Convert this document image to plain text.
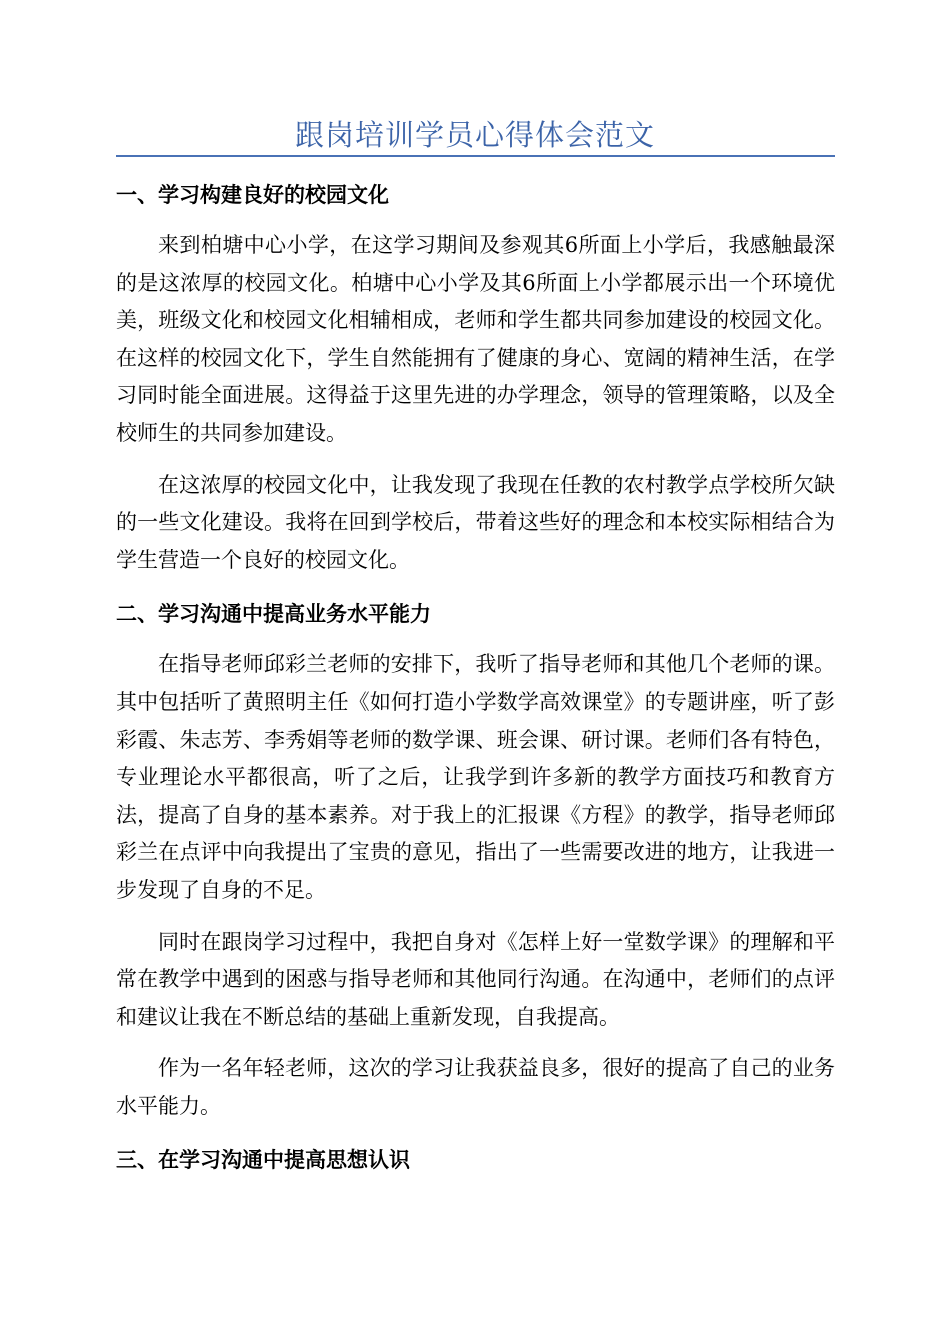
跟岗培训学员心得体会范文
一、学习构建良好的校园文化

来到柏塘中心小学，在这学习期间及参观其6所面上小学后，我感触最深的是这浓厚的校园文化。柏塘中心小学及其6所面上小学都展示出一个环境优美，班级文化和校园文化相辅相成，老师和学生都共同参加建设的校园文化。在这样的校园文化下，学生自然能拥有了健康的身心、宽阔的精神生活，在学习同时能全面进展。这得益于这里先进的办学理念，领导的管理策略，以及全校师生的共同参加建设。

在这浓厚的校园文化中，让我发现了我现在任教的农村教学点学校所欠缺的一些文化建设。我将在回到学校后，带着这些好的理念和本校实际相结合为学生营造一个良好的校园文化。

二、学习沟通中提高业务水平能力

在指导老师邱彩兰老师的安排下，我听了指导老师和其他几个老师的课。其中包括听了黄照明主任《如何打造小学数学高效课堂》的专题讲座，听了彭彩霞、朱志芳、李秀娟等老师的数学课、班会课、研讨课。老师们各有特色，专业理论水平都很高，听了之后，让我学到许多新的教学方面技巧和教育方法，提高了自身的基本素养。对于我上的汇报课《方程》的教学，指导老师邱彩兰在点评中向我提出了宝贵的意见，指出了一些需要改进的地方，让我进一步发现了自身的不足。

同时在跟岗学习过程中，我把自身对《怎样上好一堂数学课》的理解和平常在教学中遇到的困惑与指导老师和其他同行沟通。在沟通中，老师们的点评和建议让我在不断总结的基础上重新发现，自我提高。

作为一名年轻老师，这次的学习让我获益良多，很好的提高了自己的业务水平能力。

三、在学习沟通中提高思想认识
